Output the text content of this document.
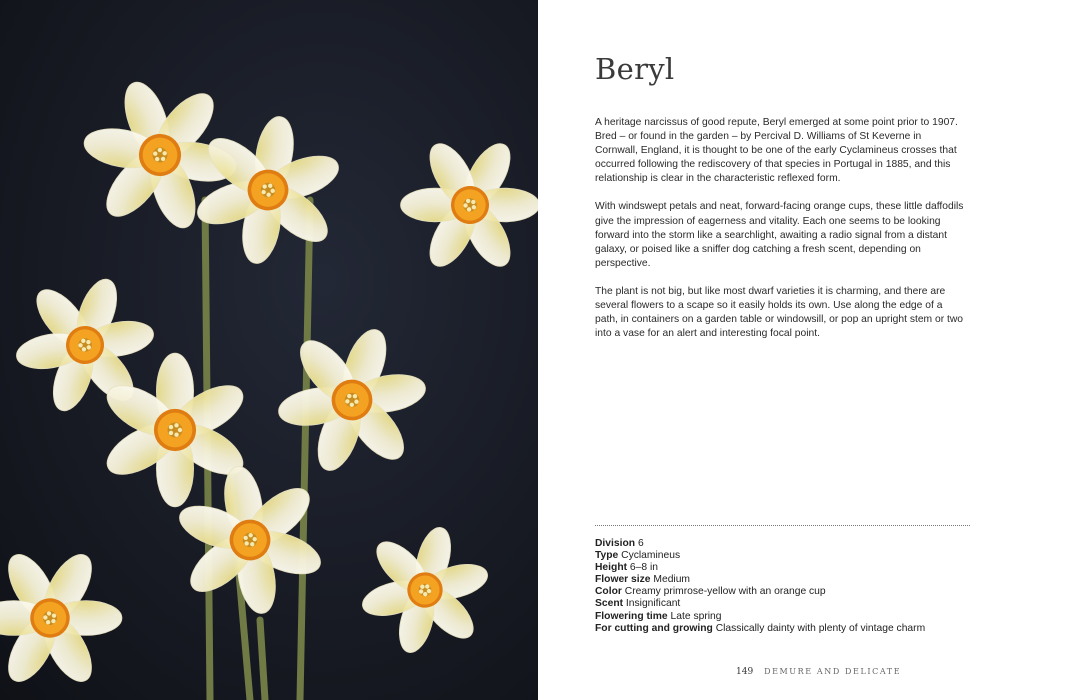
Beryl

A heritage narcissus of good repute, Beryl emerged at some point prior to 1907. Bred – or found in the garden – by Percival D. Williams of St Keverne in Cornwall, England, it is thought to be one of the early Cyclamineus crosses that occurred following the rediscovery of that species in Portugal in 1885, and this relationship is clear in the characteristic reflexed form.

With windswept petals and neat, forward-facing orange cups, these little daffodils give the impression of eagerness and vitality. Each one seems to be looking forward into the storm like a searchlight, awaiting a radio signal from a distant galaxy, or poised like a sniffer dog catching a fresh scent, depending on perspective.

The plant is not big, but like most dwarf varieties it is charming, and there are several flowers to a scape so it easily holds its own. Use along the edge of a path, in containers on a garden table or windowsill, or pop an upright stem or two into a vase for an alert and interesting focal point.

Division 6
Type Cyclamineus
Height 6–8 in
Flower size Medium
Color Creamy primrose-yellow with an orange cup
Scent Insignificant
Flowering time Late spring
For cutting and growing Classically dainty with plenty of vintage charm
149 DEMURE AND DELICATE
